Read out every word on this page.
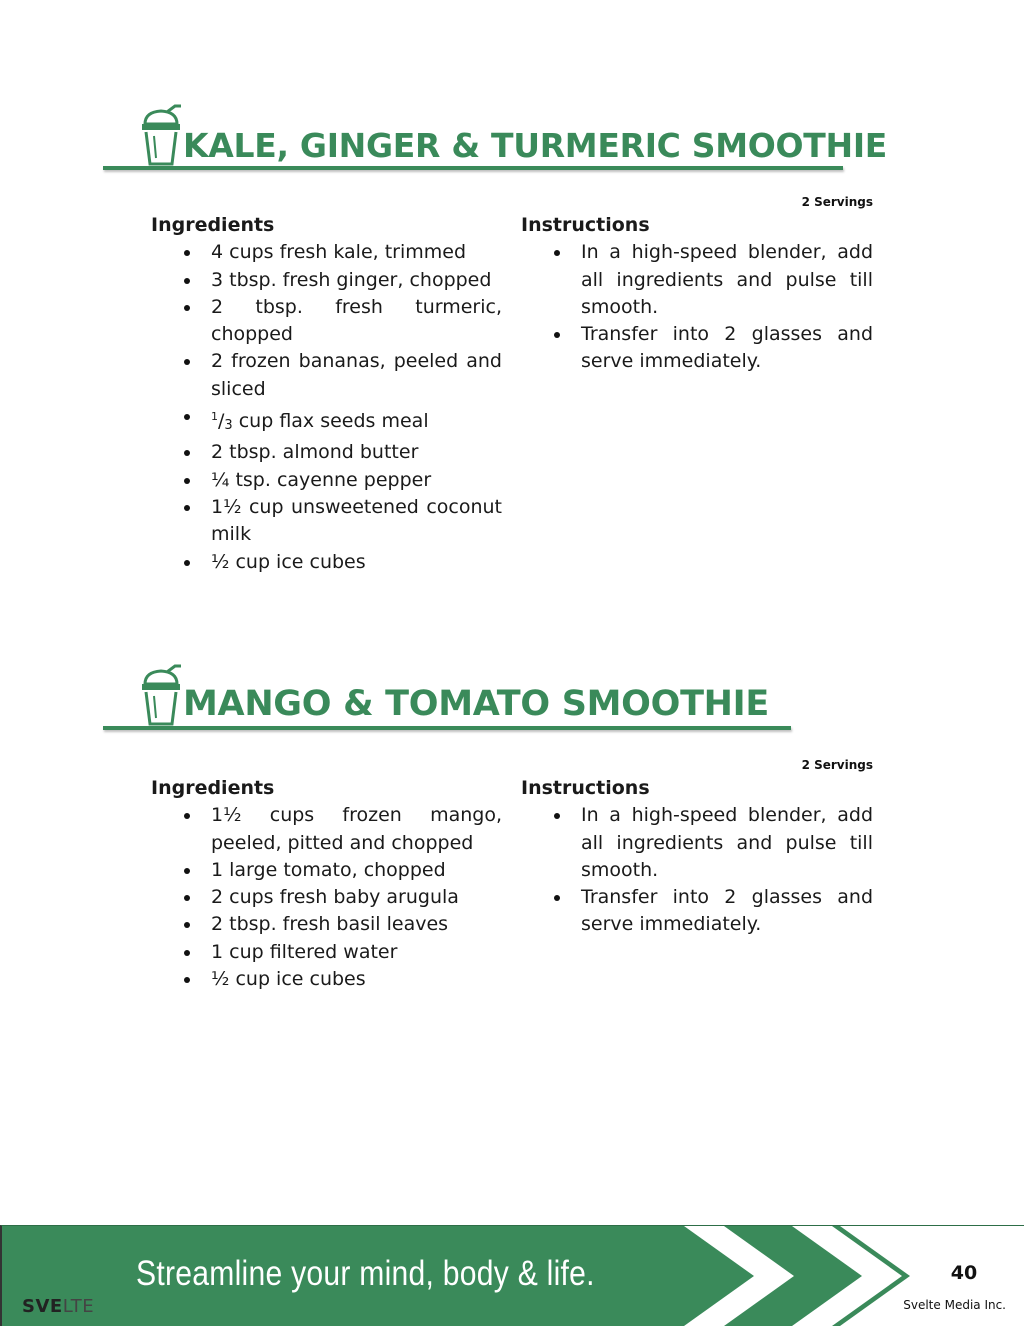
KALE, GINGER & TURMERIC SMOOTHIE
2 Servings
Ingredients
4 cups fresh kale, trimmed
3 tbsp. fresh ginger, chopped
2 tbsp. fresh turmeric, chopped
2 frozen bananas, peeled and sliced
$^1/_3$ cup flax seeds meal
2 tbsp. almond butter
¼ tsp. cayenne pepper
1½ cup unsweetened coconut milk
½ cup ice cubes
Instructions
In a high-speed blender, add all ingredients and pulse till smooth.
Transfer into 2 glasses and serve immediately.
MANGO & TOMATO SMOOTHIE
2 Servings
Ingredients
1½ cups frozen mango, peeled, pitted and chopped
1 large tomato, chopped
2 cups fresh baby arugula
2 tbsp. fresh basil leaves
1 cup filtered water
½ cup ice cubes
Instructions
In a high-speed blender, add all ingredients and pulse till smooth.
Transfer into 2 glasses and serve immediately.
Streamline your mind, body & life.
SVELTE
40
Svelte Media Inc.
